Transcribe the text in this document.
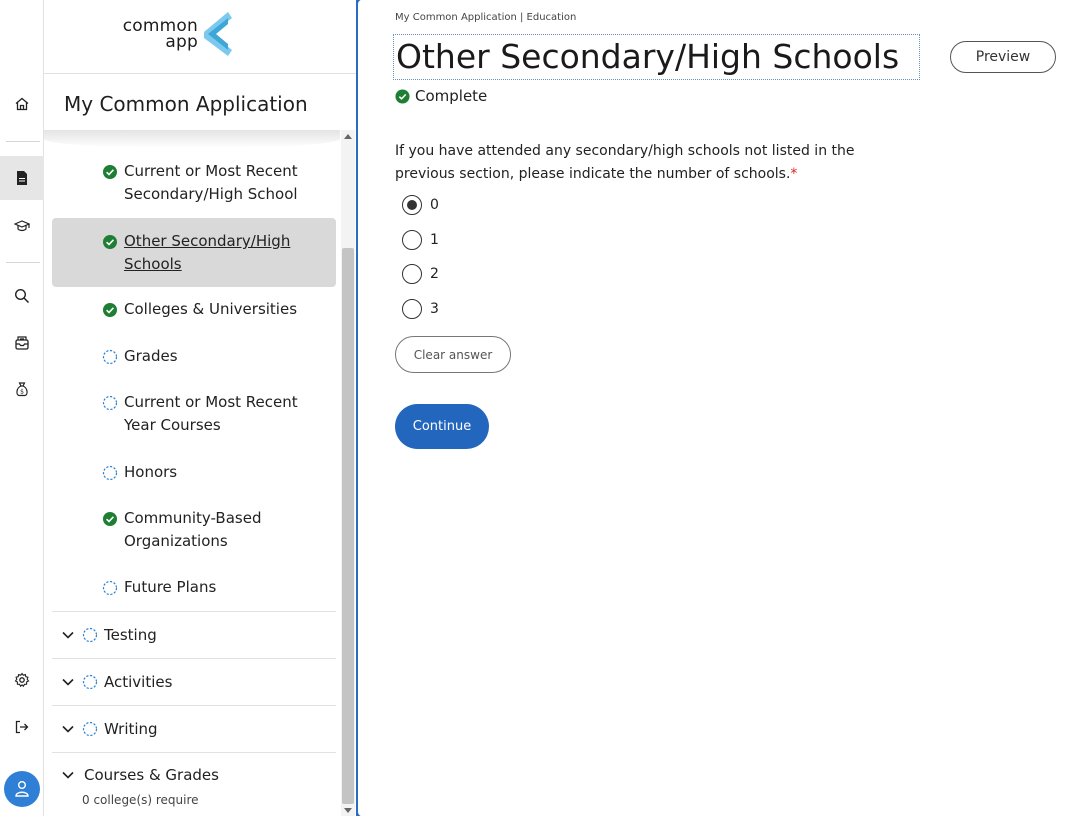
$
common
app
My Common Application
Current or Most Recent Secondary/High School
Other Secondary/High Schools
Colleges & Universities
Grades
Current or Most Recent Year Courses
Honors
Community-Based Organizations
Future Plans
Testing
Activities
Writing
Courses & Grades
0 college(s) require
My Common Application | Education
Other Secondary/High Schools	Preview
Complete
If you have attended any secondary/high schools not listed in the previous section, please indicate the number of schools.*
0
1
2
3
Clear answer
Continue
